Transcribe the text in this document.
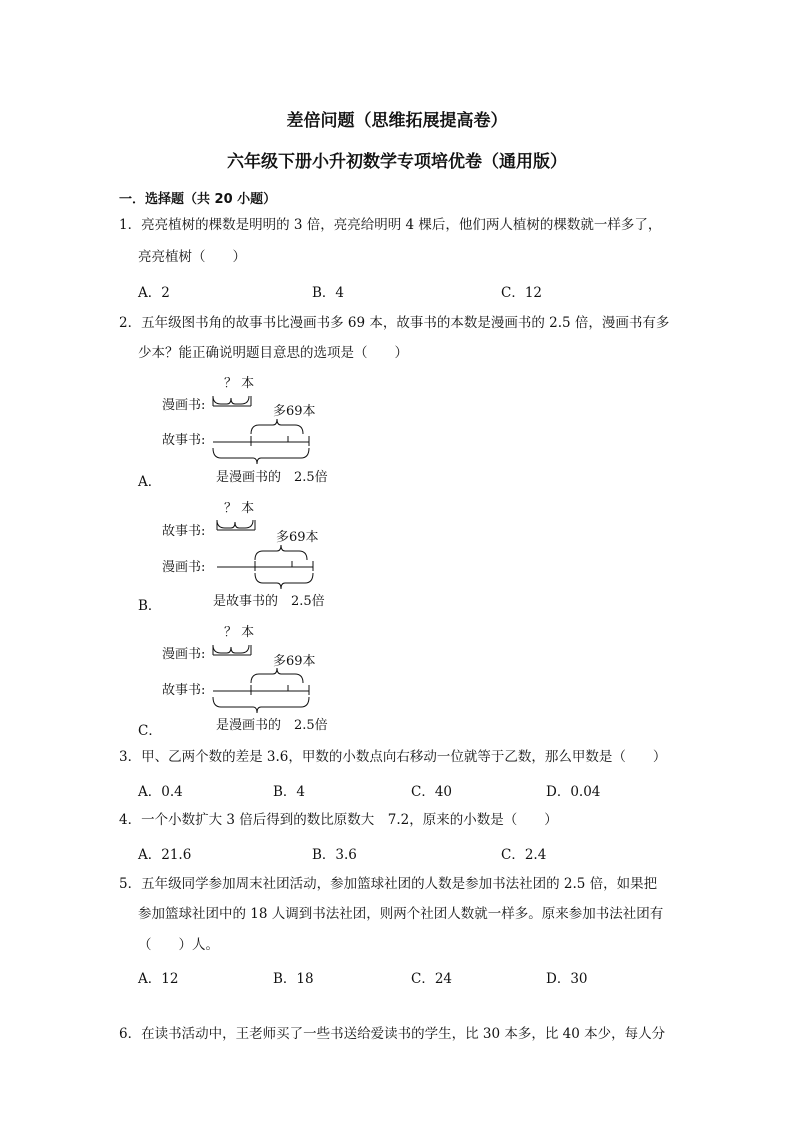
差倍问题（思维拓展提高卷）
六年级下册小升初数学专项培优卷（通用版）
一．选择题（共 20 小题）
1．亮亮植树的棵数是明明的 3 倍，亮亮给明明 4 棵后，他们两人植树的棵数就一样多了，
亮亮植树（　　）
A．2	B．4	C．12
2．五年级图书角的故事书比漫画书多 69 本，故事书的本数是漫画书的 2.5 倍，漫画书有多
少本？能正确说明题目意思的选项是（　　）
漫画书:
故事书:
？ 本
多69本
是漫画书的　2.5倍
A．
故事书:
漫画书:
？ 本
多69本
是故事书的　2.5倍
B．
漫画书:
故事书:
？ 本
多69本
是漫画书的　2.5倍
C．
3．甲、乙两个数的差是 3.6，甲数的小数点向右移动一位就等于乙数，那么甲数是（　　）
A．0.4	B．4	C．40	D．0.04
4．一个小数扩大 3 倍后得到的数比原数大　7.2，原来的小数是（　　）
A．21.6	B．3.6	C．2.4
5．五年级同学参加周末社团活动，参加篮球社团的人数是参加书法社团的 2.5 倍，如果把
参加篮球社团中的 18 人调到书法社团，则两个社团人数就一样多。原来参加书法社团有
（　　）人。
A．12	B．18	C．24	D．30
6．在读书活动中，王老师买了一些书送给爱读书的学生，比 30 本多，比 40 本少，每人分
